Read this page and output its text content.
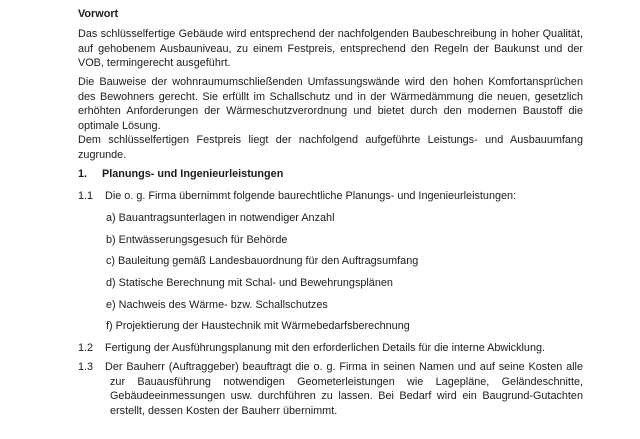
Vorwort

Das schlüsselfertige Gebäude wird entsprechend der nachfolgenden Baubeschreibung in hoher Qualität, auf gehobenem Ausbauniveau, zu einem Festpreis, entsprechend den Regeln der Baukunst und der VOB, termingerecht ausgeführt.

Die Bauweise der wohnraumumschließenden Umfassungswände wird den hohen Komfortansprüchen des Bewohners gerecht. Sie erfüllt im Schallschutz und in der Wärmedämmung die neuen, gesetzlich erhöhten Anforderungen der Wärmeschutzverordnung und bietet durch den modernen Baustoff die optimale Lösung.

Dem schlüsselfertigen Festpreis liegt der nachfolgend aufgeführte Leistungs- und Ausbauumfang zugrunde.

1.	Planungs- und Ingenieurleistungen
1.1	Die o. g. Firma übernimmt folgende baurechtliche Planungs- und Ingenieurleistungen:
a) Bauantragsunterlagen in notwendiger Anzahl
b) Entwässerungsgesuch für Behörde
c) Bauleitung gemäß Landesbauordnung für den Auftragsumfang
d) Statische Berechnung mit Schal- und Bewehrungsplänen
e) Nachweis des Wärme- bzw. Schallschutzes
f) Projektierung der Haustechnik mit Wärmebedarfsberechnung
1.2	Fertigung der Ausführungsplanung mit den erforderlichen Details für die interne Abwicklung.
1.3	Der Bauherr (Auftraggeber) beauftragt die o. g. Firma in seinen Namen und auf seine Kosten alle zur Bauausführung notwendigen Geometerleistungen wie Lagepläne, Geländeschnitte, Gebäudeeinmessungen usw. durchführen zu lassen. Bei Bedarf wird ein Baugrund-Gutachten erstellt, dessen Kosten der Bauherr übernimmt.
